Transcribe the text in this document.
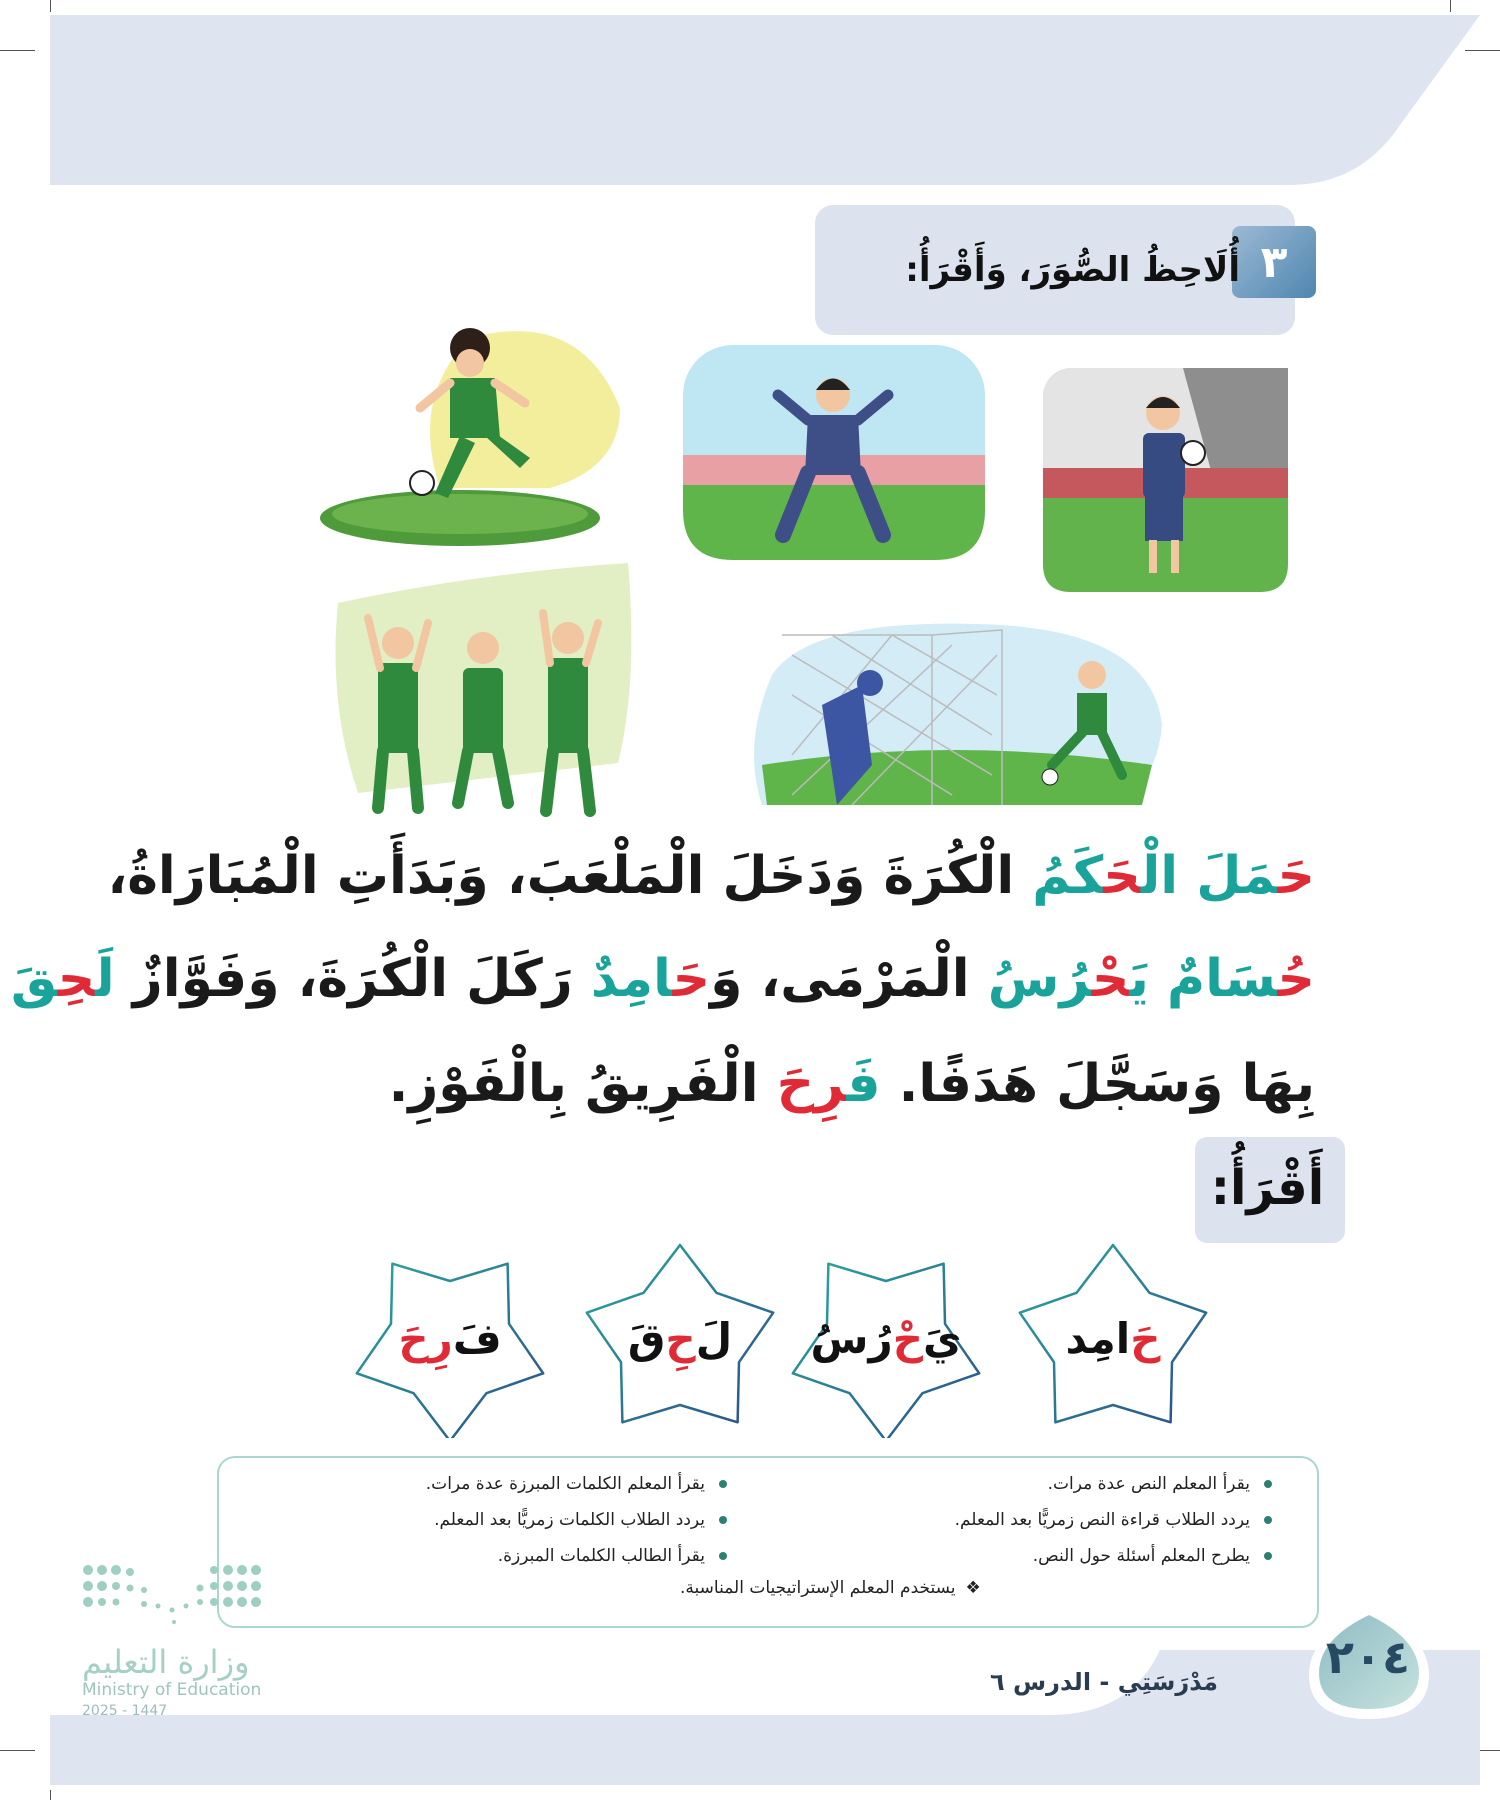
٣
أُلَاحِظُ الصُّوَرَ، وَأَقْرَأُ:
حَمَلَ الْحَكَمُ الْكُرَةَ وَدَخَلَ الْمَلْعَبَ، وَبَدَأَتِ الْمُبَارَاةُ،
حُسَامٌ يَحْرُسُ الْمَرْمَى، وَحَامِدٌ رَكَلَ الْكُرَةَ، وَفَوَّازٌ لَحِقَ
بِهَا وَسَجَّلَ هَدَفًا. فَرِحَ الْفَرِيقُ بِالْفَوْزِ.
أَقْرَأُ:
حَ
امِد
يَ
حْ
رُسُ
لَ
حِ
قَ
فَ
رِحَ
يقرأ المعلم النص عدة مرات.
يردد الطلاب قراءة النص زمريًّا بعد المعلم.
يطرح المعلم أسئلة حول النص.
يقرأ المعلم الكلمات المبرزة عدة مرات.
يردد الطلاب الكلمات زمريًّا بعد المعلم.
يقرأ الطالب الكلمات المبرزة.
❖يستخدم المعلم الإستراتيجيات المناسبة.
٢٠٤
مَدْرَسَتِي - الدرس ٦
وزارة التعليم
Ministry of Education
2025 - 1447
